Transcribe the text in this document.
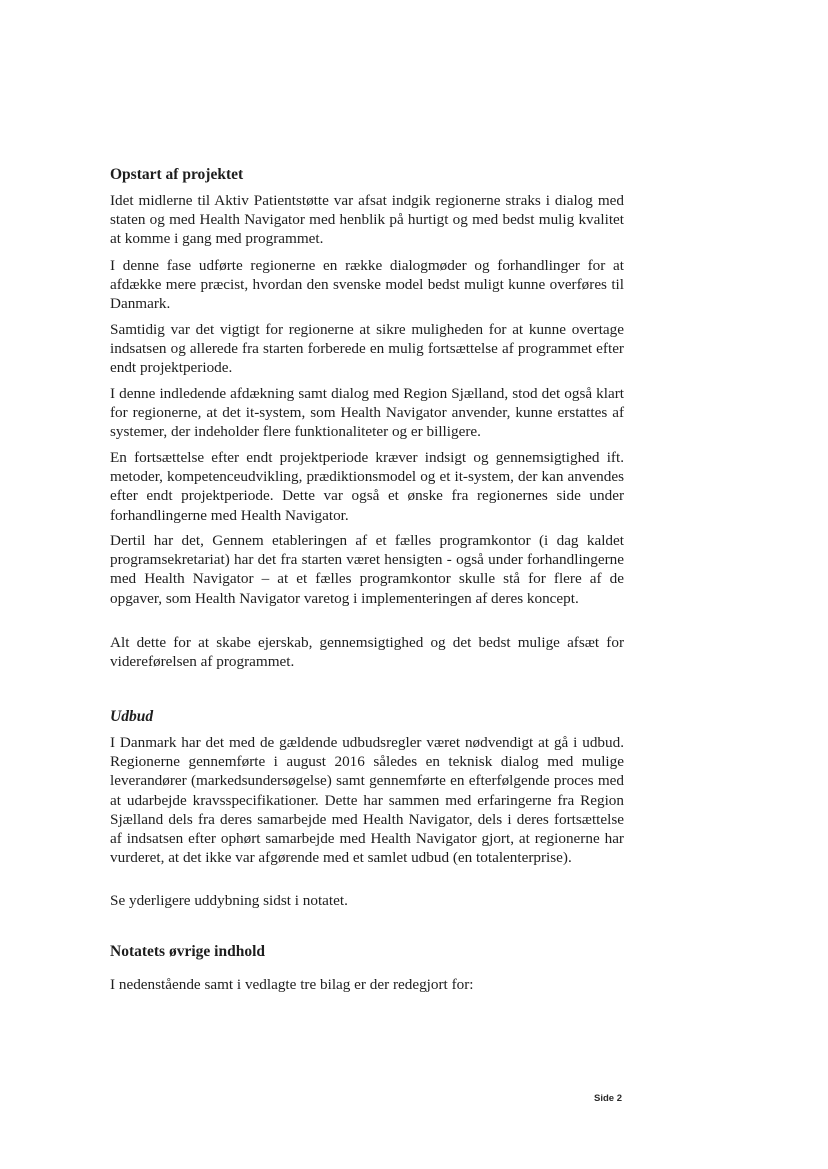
Opstart af projektet

Idet midlerne til Aktiv Patientstøtte var afsat indgik regionerne straks i dialog med staten og med Health Navigator med henblik på hurtigt og med bedst mulig kvalitet at komme i gang med programmet.

I denne fase udførte regionerne en række dialogmøder og forhandlinger for at afdække mere præcist, hvordan den svenske model bedst muligt kunne overføres til Danmark.

Samtidig var det vigtigt for regionerne at sikre muligheden for at kunne overtage indsatsen og allerede fra starten forberede en mulig fortsættelse af programmet efter endt projektperiode.

I denne indledende afdækning samt dialog med Region Sjælland, stod det også klart for regionerne, at det it-system, som Health Navigator anvender, kunne erstattes af systemer, der indeholder flere funktionaliteter og er billigere.

En fortsættelse efter endt projektperiode kræver indsigt og gennemsigtighed ift. metoder, kompetenceudvikling, prædiktionsmodel og et it-system, der kan anvendes efter endt projektperiode. Dette var også et ønske fra regionernes side under forhandlingerne med Health Navigator.

Dertil har det, Gennem etableringen af et fælles programkontor (i dag kaldet programsekretariat) har det fra starten været hensigten - også under forhandlingerne med Health Navigator – at et fælles programkontor skulle stå for flere af de opgaver, som Health Navigator varetog i implementeringen af deres koncept.

Alt dette for at skabe ejerskab, gennemsigtighed og det bedst mulige afsæt for videreførelsen af programmet.

Udbud

I Danmark har det med de gældende udbudsregler været nødvendigt at gå i udbud. Regionerne gennemførte i august 2016 således en teknisk dialog med mulige leverandører (markedsundersøgelse) samt gennemførte en efterfølgende proces med at udarbejde kravsspecifikationer. Dette har sammen med erfaringerne fra Region Sjælland dels fra deres samarbejde med Health Navigator, dels i deres fortsættelse af indsatsen efter ophørt samarbejde med Health Navigator gjort, at regionerne har vurderet, at det ikke var afgørende med et samlet udbud (en totalenterprise).

Se yderligere uddybning sidst i notatet.

Notatets øvrige indhold

I nedenstående samt i vedlagte tre bilag er der redegjort for:

Side 2
